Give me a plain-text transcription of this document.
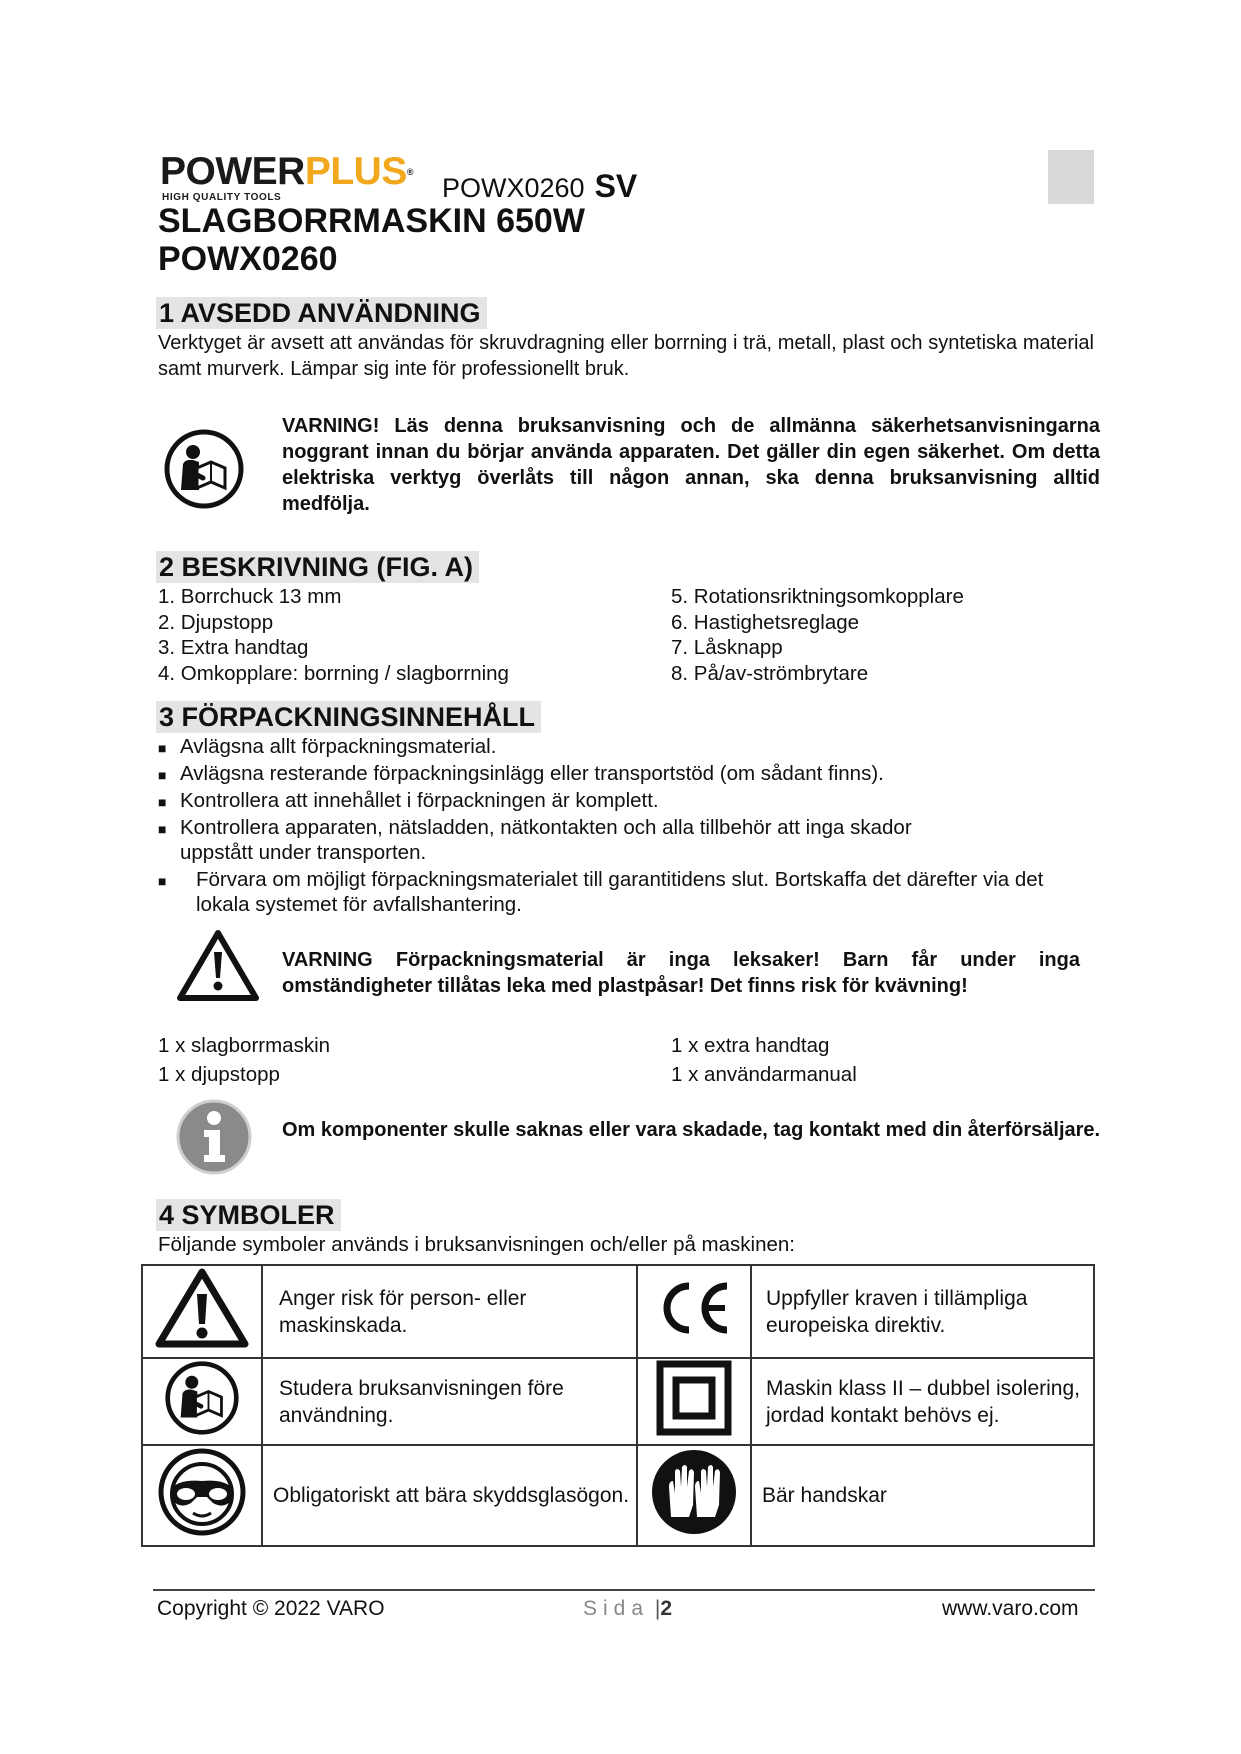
POWERPLUS®
HIGH QUALITY TOOLS	POWX0260 SV
SLAGBORRMASKIN 650W
POWX0260
1 AVSEDD ANVÄNDNING
Verktyget är avsett att användas för skruvdragning eller borrning i trä, metall, plast och syntetiska material samt murverk. Lämpar sig inte för professionellt bruk.
VARNING! Läs denna bruksanvisning och de allmänna säkerhetsanvisningarna noggrant innan du börjar använda apparaten. Det gäller din egen säkerhet. Om detta elektriska verktyg överlåts till någon annan, ska denna bruksanvisning alltid medfölja.
2 BESKRIVNING (FIG. A)
1. Borrchuck 13 mm
2. Djupstopp
3. Extra handtag
4. Omkopplare: borrning / slagborrning
5. Rotationsriktningsomkopplare
6. Hastighetsreglage
7. Låsknapp
8. På/av-strömbrytare
3 FÖRPACKNINGSINNEHÅLL
■ Avlägsna allt förpackningsmaterial.
■ Avlägsna resterande förpackningsinlägg eller transportstöd (om sådant finns).
■ Kontrollera att innehållet i förpackningen är komplett.
■ Kontrollera apparaten, nätsladden, nätkontakten och alla tillbehör att inga skador uppstått under transporten.
■	Förvara om möjligt förpackningsmaterialet till garantitidens slut. Bortskaffa det därefter via det lokala systemet för avfallshantering.
VARNING Förpackningsmaterial är inga leksaker! Barn får under inga omständigheter tillåtas leka med plastpåsar! Det finns risk för kvävning!
1 x slagborrmaskin
1 x djupstopp
1 x extra handtag
1 x användarmanual
Om komponenter skulle saknas eller vara skadade, tag kontakt med din återförsäljare.
4 SYMBOLER
Följande symboler används i bruksanvisningen och/eller på maskinen:
	Anger risk för person- eller maskinskada.		Uppfyller kraven i tillämpliga europeiska direktiv.
	Studera bruksanvisningen före användning.		Maskin klass II – dubbel isolering, jordad kontakt behövs ej.
	Obligatoriskt att bära skyddsglasögon.		Bär handskar
Copyright © 2022 VARO	Sida |2	www.varo.com
